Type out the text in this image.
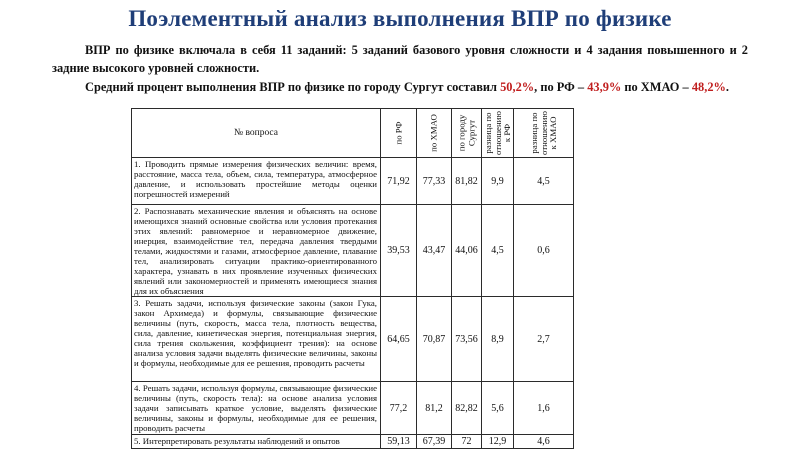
Поэлементный анализ выполнения ВПР по физике

ВПР по физике включала в себя 11 заданий: 5 заданий базового уровня сложности и 4 задания повышенного и 2 задние высокого уровней сложности.

Средний процент выполнения ВПР по физике по городу Сургут составил 50,2%, по РФ – 43,9% по ХМАО – 48,2%.

№ вопроса	по РФ	по ХМАО	по городу Сургут	разница по отношению к РФ	разница по отношению к ХМАО

1. Проводить прямые измерения физических величин: время, расстояние, масса тела, объем, сила, температура, атмосферное давление, и использовать простейшие методы оценки погрешностей измерений	71,92	77,33	81,82	9,9	4,5
2. Распознавать механические явления и объяснять на основе имеющихся знаний основные свойства или условия протекания этих явлений: равномерное и неравномерное движение, инерция, взаимодействие тел, передача давления твердыми телами, жидкостями и газами, атмосферное давление, плавание тел, анализировать ситуации практико-ориентированного характера, узнавать в них проявление изученных физических явлений или закономерностей и применять имеющиеся знания для их объяснения	39,53	43,47	44,06	4,5	0,6
3. Решать задачи, используя физические законы (закон Гука, закон Архимеда) и формулы, связывающие физические величины (путь, скорость, масса тела, плотность вещества, сила, давление, кинетическая энергия, потенциальная энергия, сила трения скольжения, коэффициент трения): на основе анализа условия задачи выделять физические величины, законы и формулы, необходимые для ее решения, проводить расчеты	64,65	70,87	73,56	8,9	2,7
4. Решать задачи, используя формулы, связывающие физические величины (путь, скорость тела): на основе анализа условия задачи записывать краткое условие, выделять физические величины, законы и формулы, необходимые для ее решения, проводить расчеты	77,2	81,2	82,82	5,6	1,6
5. Интерпретировать результаты наблюдений и опытов	59,13	67,39	72	12,9	4,6
